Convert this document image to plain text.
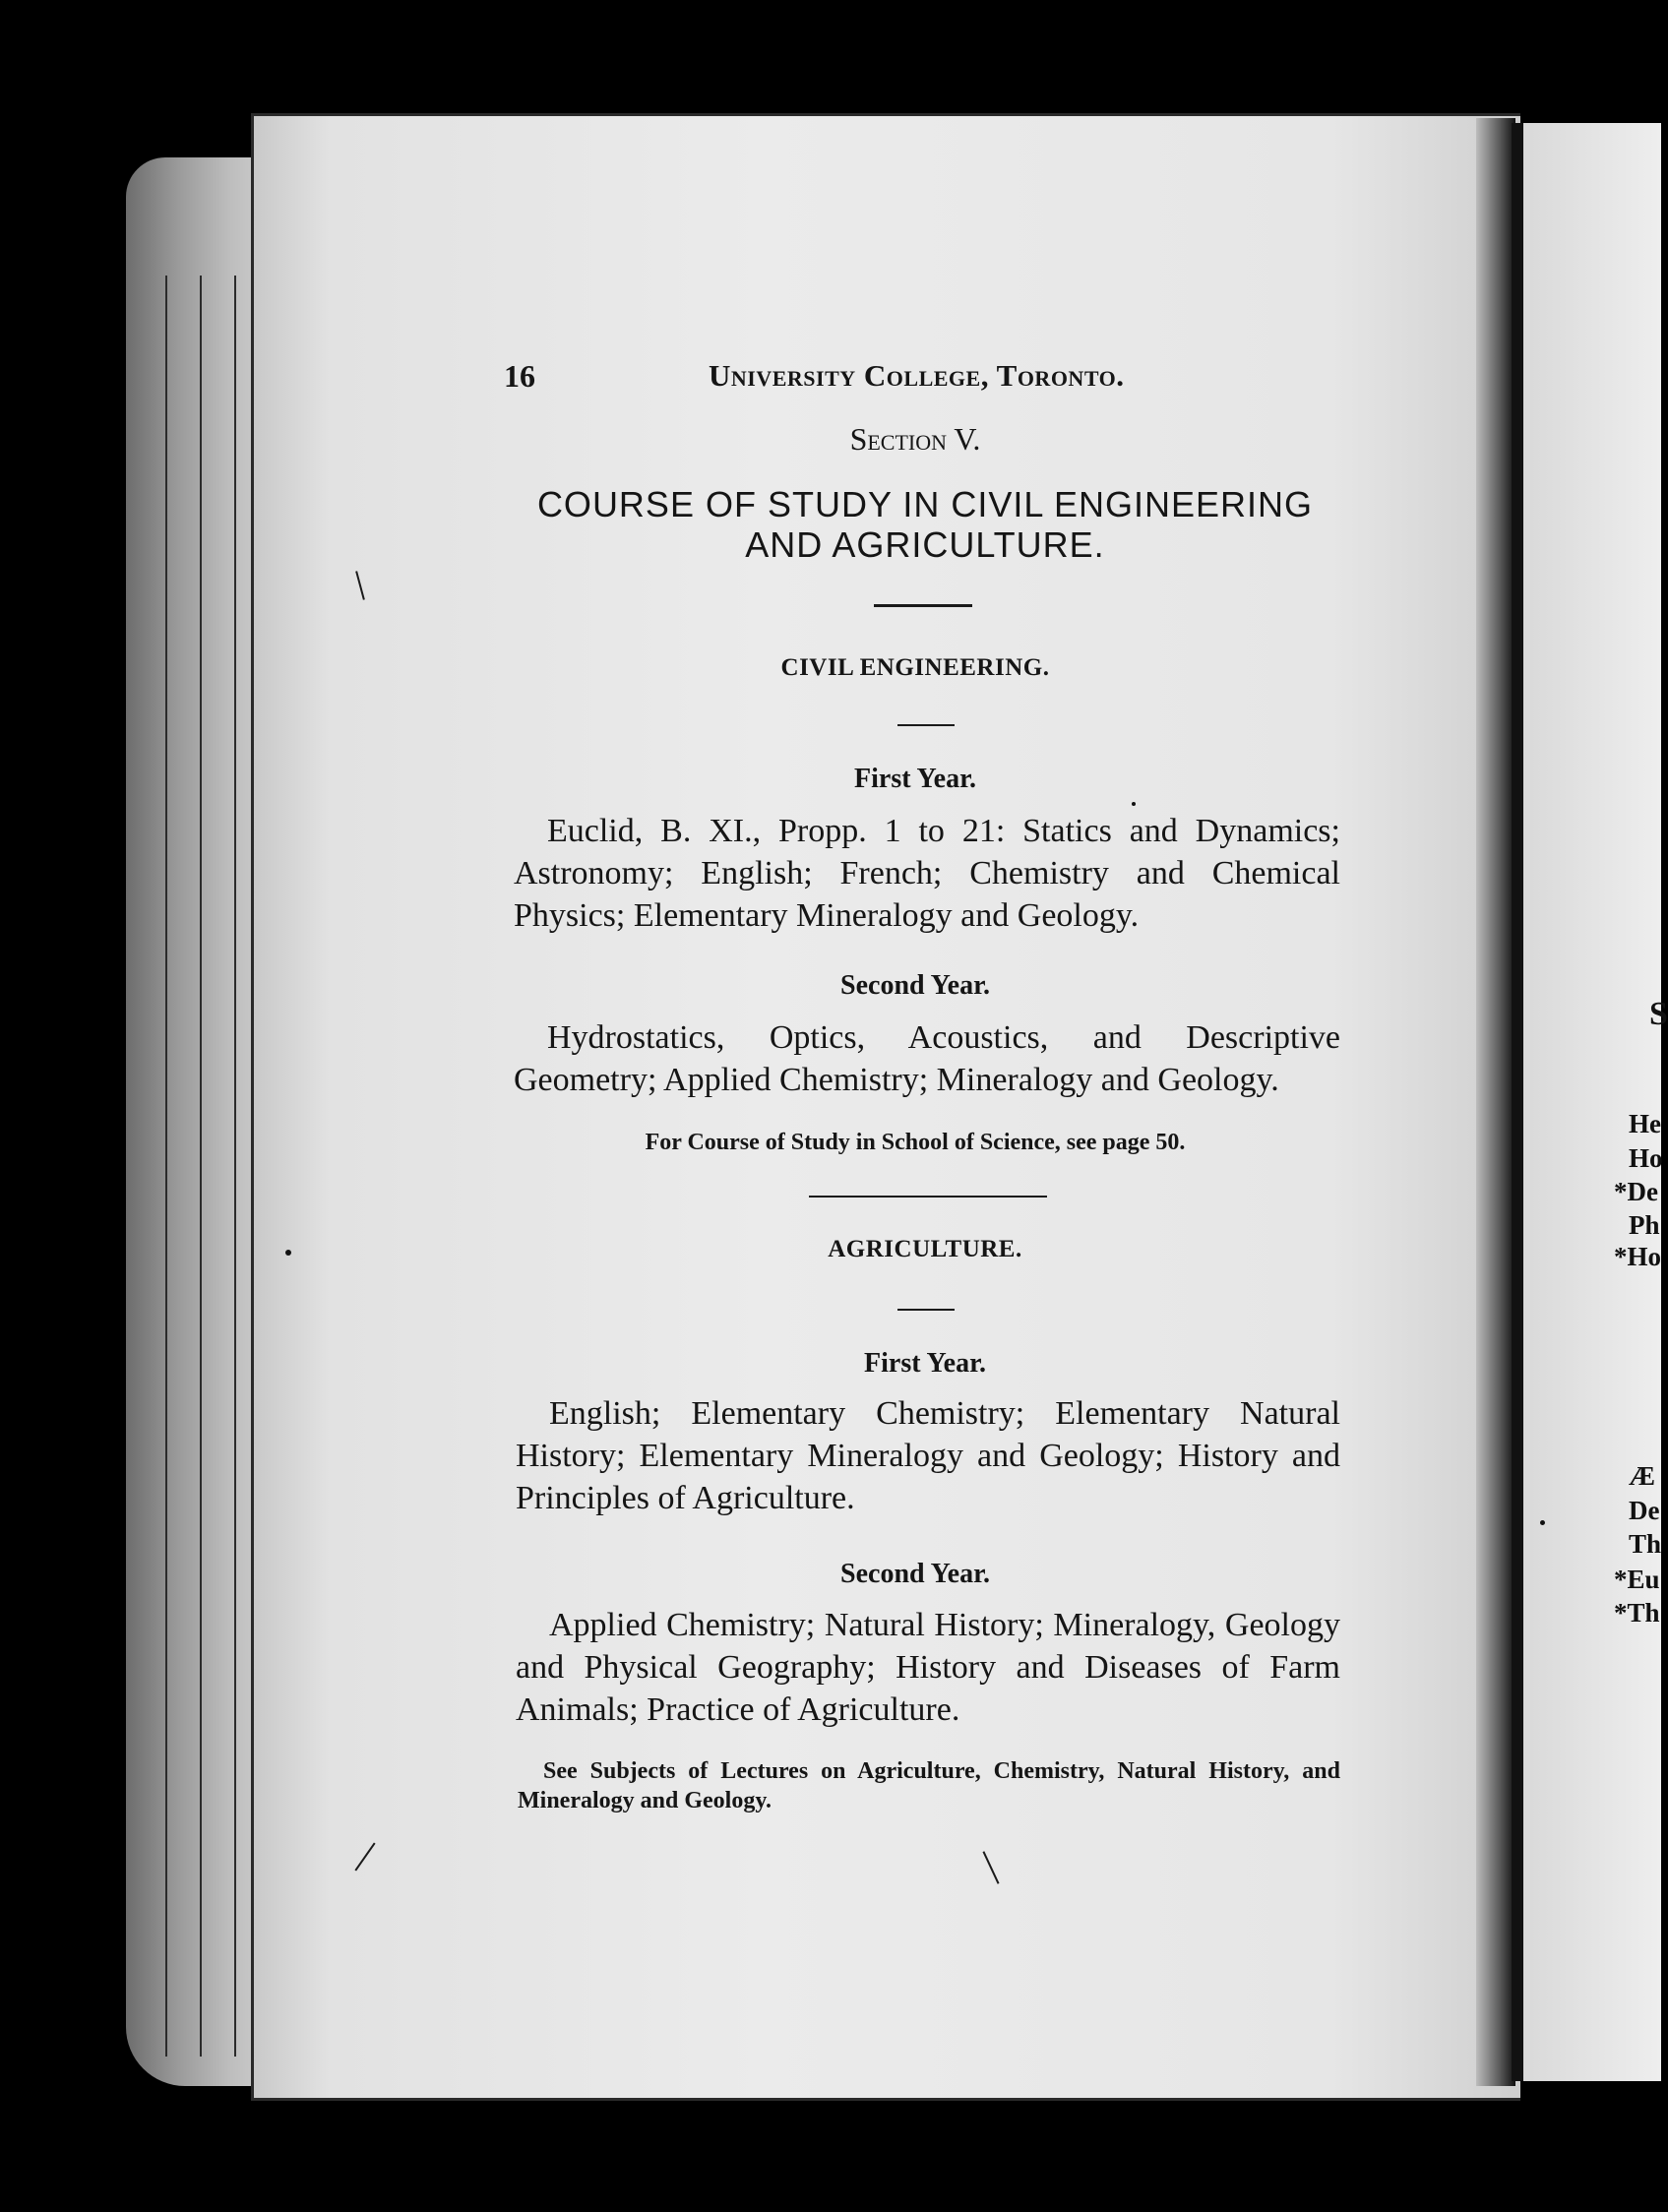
S
He
Ho
*De
Ph
*Ho
Æ
De
Th
*Eu
*Th
16	University College, Toronto.
Section V.
COURSE OF STUDY IN CIVIL ENGINEERING
AND AGRICULTURE.
CIVIL ENGINEERING.
First Year.
Euclid, B. XI., Propp. 1 to 21: Statics and Dynamics; Astronomy; English; French; Chemistry and Chemical Physics; Elementary Mineralogy and Geology.
Second Year.
Hydrostatics, Optics, Acoustics, and Descriptive Geometry; Applied Chemistry; Mineralogy and Geology.
For Course of Study in School of Science, see page 50.
AGRICULTURE.
First Year.
English; Elementary Chemistry; Elementary Natural History; Elementary Mineralogy and Geology; History and Principles of Agriculture.
Second Year.
Applied Chemistry; Natural History; Mineralogy, Geology and Physical Geography; History and Diseases of Farm Animals; Practice of Agriculture.
See Subjects of Lectures on Agriculture, Chemistry, Natural History, and Mineralogy and Geology.
